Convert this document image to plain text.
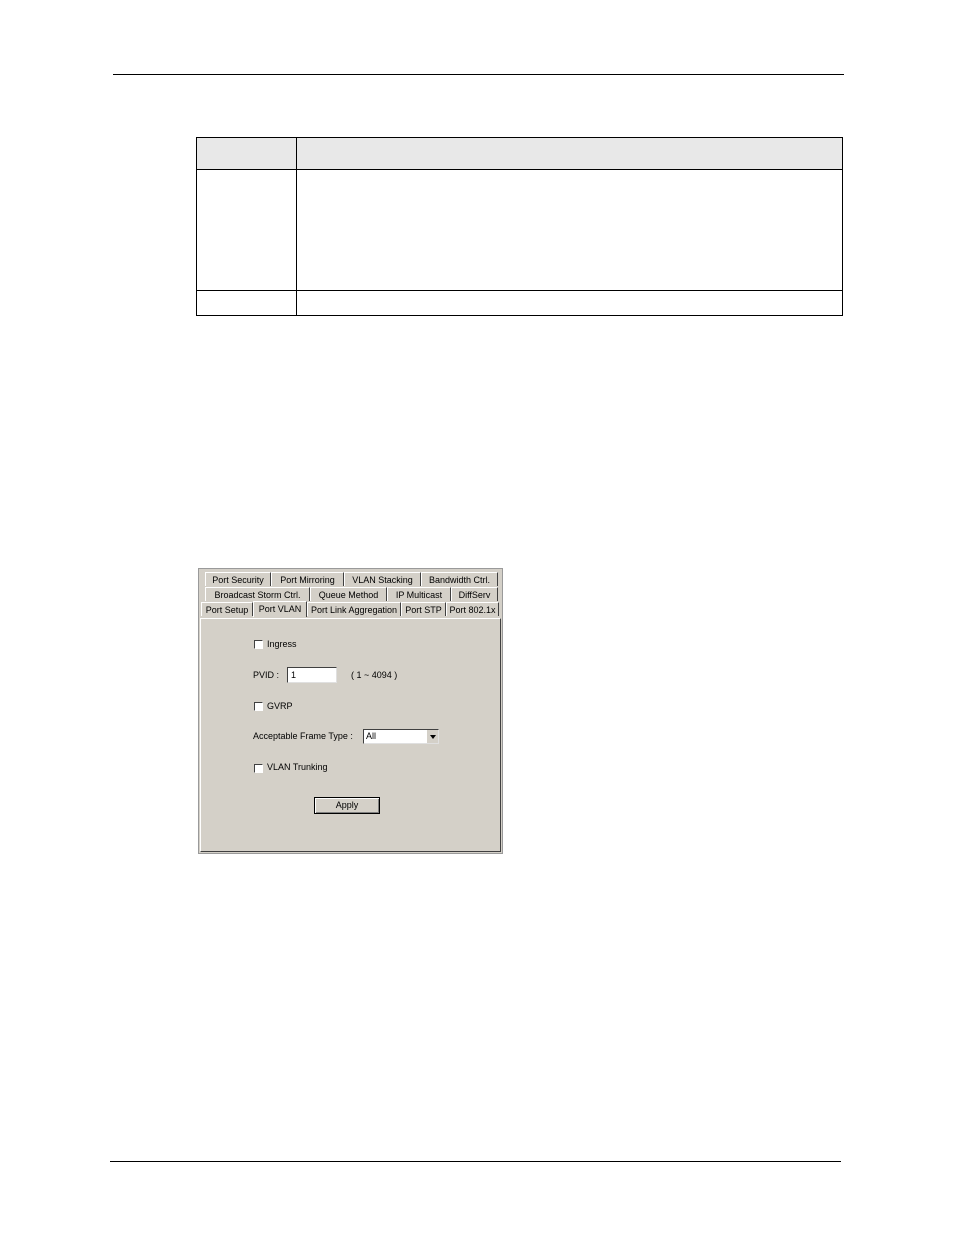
Port Security	Port Mirroring	VLAN Stacking	Bandwidth Ctrl.
Broadcast Storm Ctrl.	Queue Method	IP Multicast	DiffServ
Port Setup	Port VLAN	Port Link Aggregation Port STP Port 802.1x
Ingress
PVID :	1	( 1 ~ 4094 )
GVRP
Acceptable Frame Type :	All
VLAN Trunking
Apply
